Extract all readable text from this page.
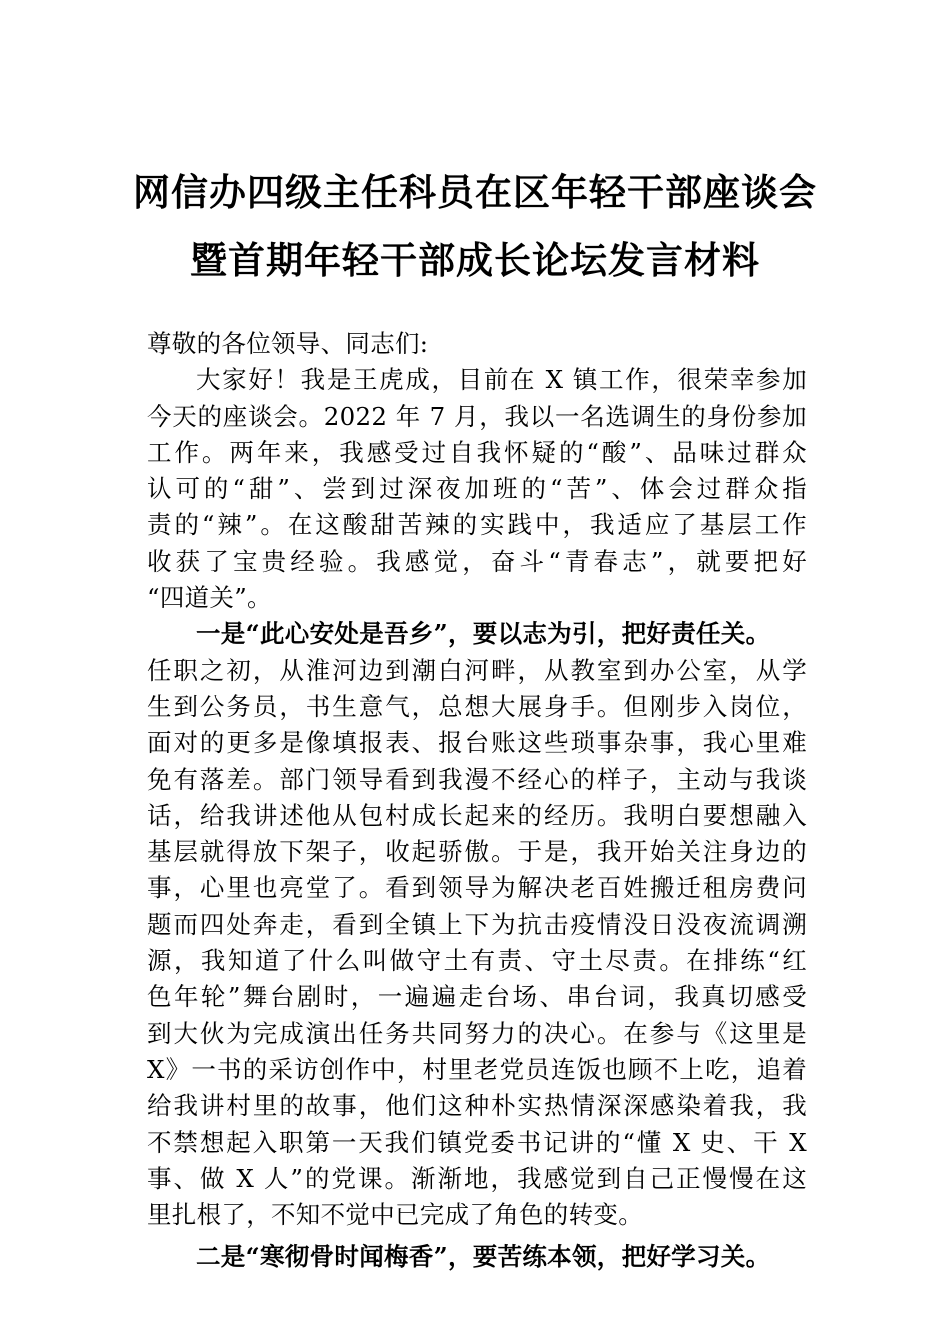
网信办四级主任科员在区年轻干部座谈会
暨首期年轻干部成长论坛发言材料
尊敬的各位领导、同志们:
大家好！我是王虎成，目前在 X 镇工作，很荣幸参加
今天的座谈会。2022 年 7 月，我以一名选调生的身份参加
工作。两年来，我感受过自我怀疑的“酸”、品味过群众
认可的“甜”、尝到过深夜加班的“苦”、体会过群众指
责的“辣”。在这酸甜苦辣的实践中，我适应了基层工作
收获了宝贵经验。我感觉，奋斗“青春志”，就要把好
“四道关”。
一是“此心安处是吾乡”，要以志为引，把好责任关。
任职之初，从淮河边到潮白河畔，从教室到办公室，从学
生到公务员，书生意气，总想大展身手。但刚步入岗位，
面对的更多是像填报表、报台账这些琐事杂事，我心里难
免有落差。部门领导看到我漫不经心的样子，主动与我谈
话，给我讲述他从包村成长起来的经历。我明白要想融入
基层就得放下架子，收起骄傲。于是，我开始关注身边的
事，心里也亮堂了。看到领导为解决老百姓搬迁租房费问
题而四处奔走，看到全镇上下为抗击疫情没日没夜流调溯
源，我知道了什么叫做守土有责、守土尽责。在排练“红
色年轮”舞台剧时，一遍遍走台场、串台词，我真切感受
到大伙为完成演出任务共同努力的决心。在参与《这里是
X》一书的采访创作中，村里老党员连饭也顾不上吃，追着
给我讲村里的故事，他们这种朴实热情深深感染着我，我
不禁想起入职第一天我们镇党委书记讲的“懂 X 史、干 X
事、做 X 人”的党课。渐渐地，我感觉到自己正慢慢在这
里扎根了，不知不觉中已完成了角色的转变。
二是“寒彻骨时闻梅香”，要苦练本领，把好学习关。
